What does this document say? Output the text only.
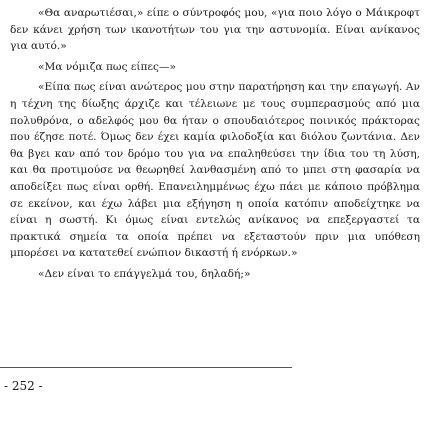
«Θα αναρωτιέσαι,» είπε ο σύντροφός μου, «για ποιο λόγο ο Μάικροφτ δεν κάνει χρήση των ικανοτήτων του για την αστυνομία. Είναι ανίκανος για αυτό.»

«Μα νόμιζα πως είπες—»

«Είπα πως είναι ανώτερος μου στην παρατήρηση και την επαγωγή. Αν η τέχνη της δίωξης άρχιζε και τέλειωνε με τους συμπερασμούς από μια πολυθρόνα, ο αδελφός μου θα ήταν ο σπουδαιότερος ποινικός πράκτορας που έζησε ποτέ. Όμως δεν έχει καμία φιλοδοξία και διόλου ζωντάνια. Δεν θα βγει καν από τον δρόμο του για να επαληθεύσει την ίδια του τη λύση, και θα προτιμούσε να θεωρηθεί λανθασμένη από το μπει στη φασαρία να αποδείξει πως είναι ορθή. Επανειλημμένως έχω πάει με κάποιο πρόβλημα σε εκείνον, και έχω λάβει μια εξήγηση η οποία κατόπιν αποδείχτηκε να είναι η σωστή. Κι όμως είναι εντελώς ανίκανος να επεξεργαστεί τα πρακτικά σημεία τα οποία πρέπει να εξεταστούν πριν μια υπόθεση μπορέσει να κατατεθεί ενώπιον δικαστή ή ενόρκων.»

«Δεν είναι το επάγγελμά του, δηλαδή;»

- 252 -
